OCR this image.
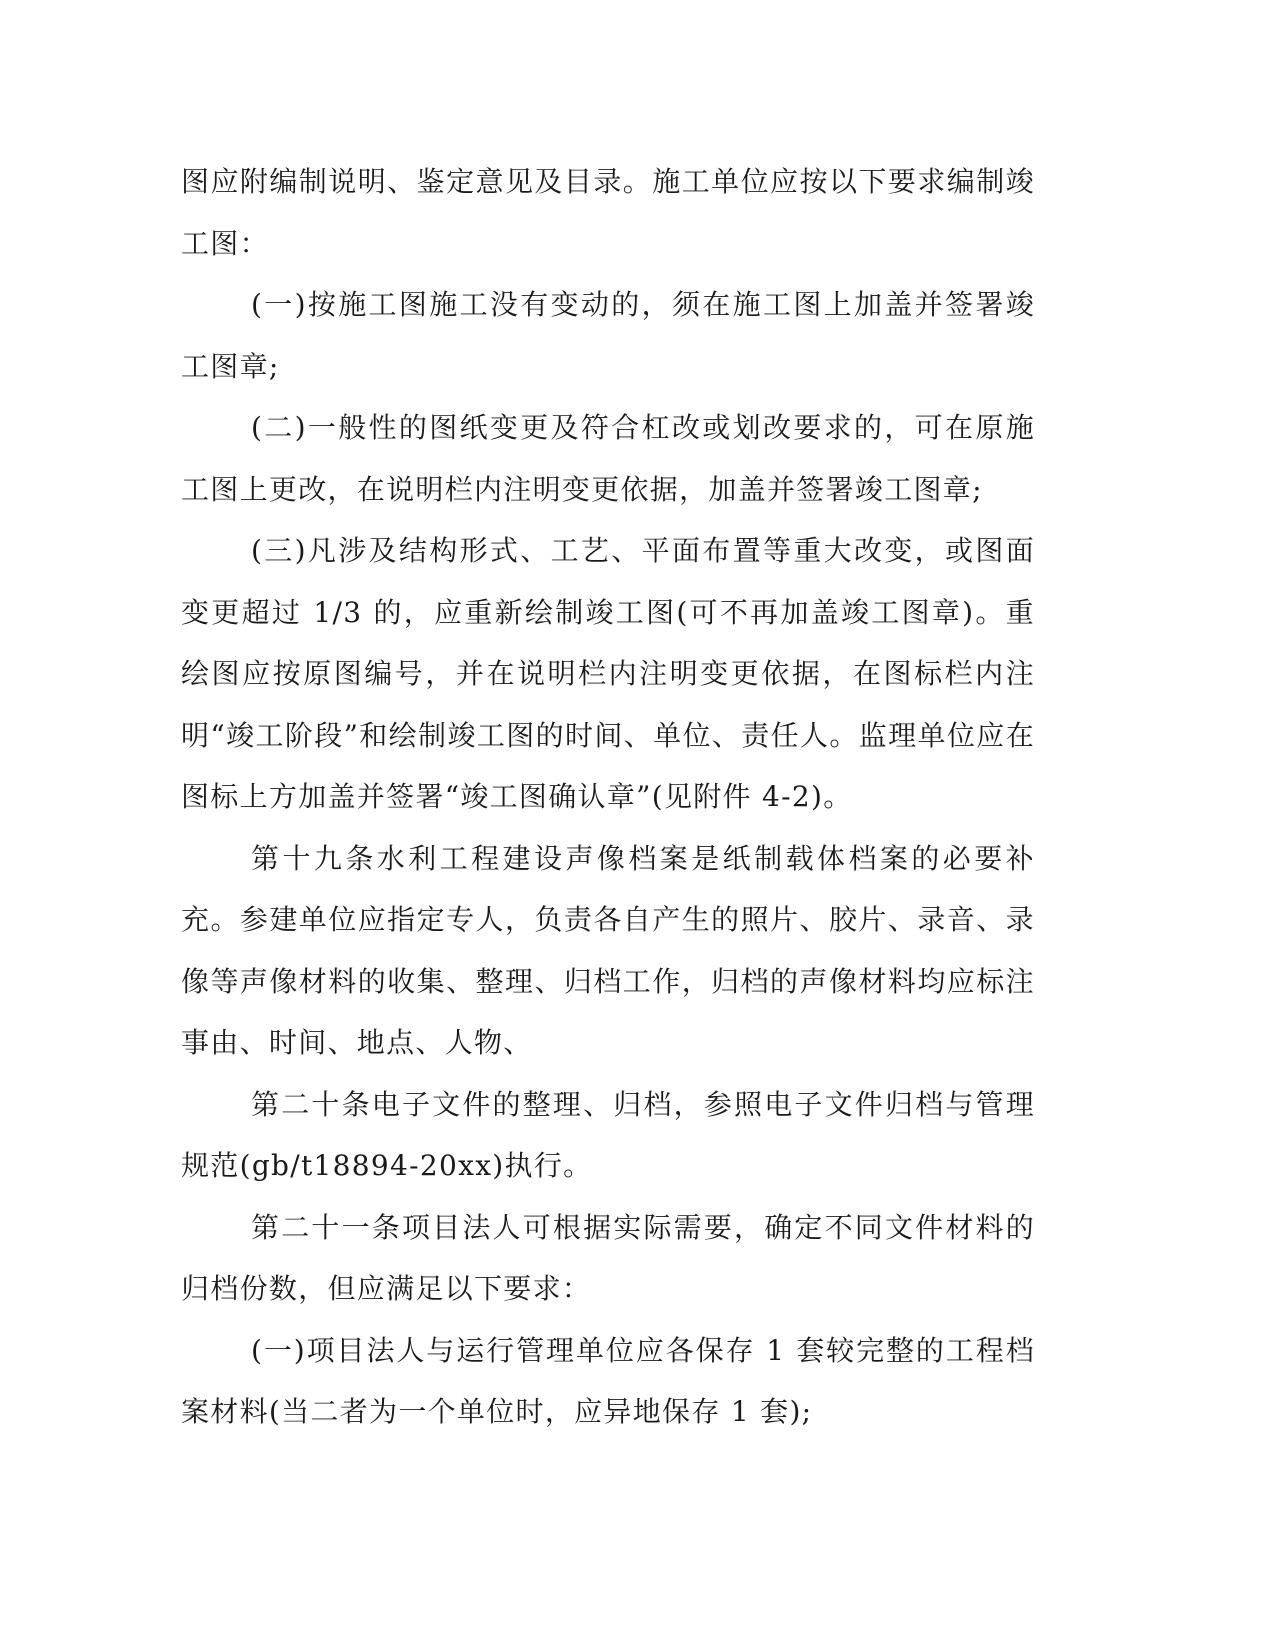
图应附编制说明、鉴定意见及目录。施工单位应按以下要求编制竣工图：

(一)按施工图施工没有变动的，须在施工图上加盖并签署竣工图章;

(二)一般性的图纸变更及符合杠改或划改要求的，可在原施工图上更改，在说明栏内注明变更依据，加盖并签署竣工图章;

(三)凡涉及结构形式、工艺、平面布置等重大改变，或图面变更超过 1/3 的，应重新绘制竣工图(可不再加盖竣工图章)。重绘图应按原图编号，并在说明栏内注明变更依据，在图标栏内注明“竣工阶段”和绘制竣工图的时间、单位、责任人。监理单位应在图标上方加盖并签署“竣工图确认章”(见附件 4-2)。

第十九条水利工程建设声像档案是纸制载体档案的必要补充。参建单位应指定专人，负责各自产生的照片、胶片、录音、录像等声像材料的收集、整理、归档工作，归档的声像材料均应标注事由、时间、地点、人物、

第二十条电子文件的整理、归档，参照电子文件归档与管理规范(gb/t18894-20xx)执行。

第二十一条项目法人可根据实际需要，确定不同文件材料的归档份数，但应满足以下要求：

(一)项目法人与运行管理单位应各保存 1 套较完整的工程档案材料(当二者为一个单位时，应异地保存 1 套);
